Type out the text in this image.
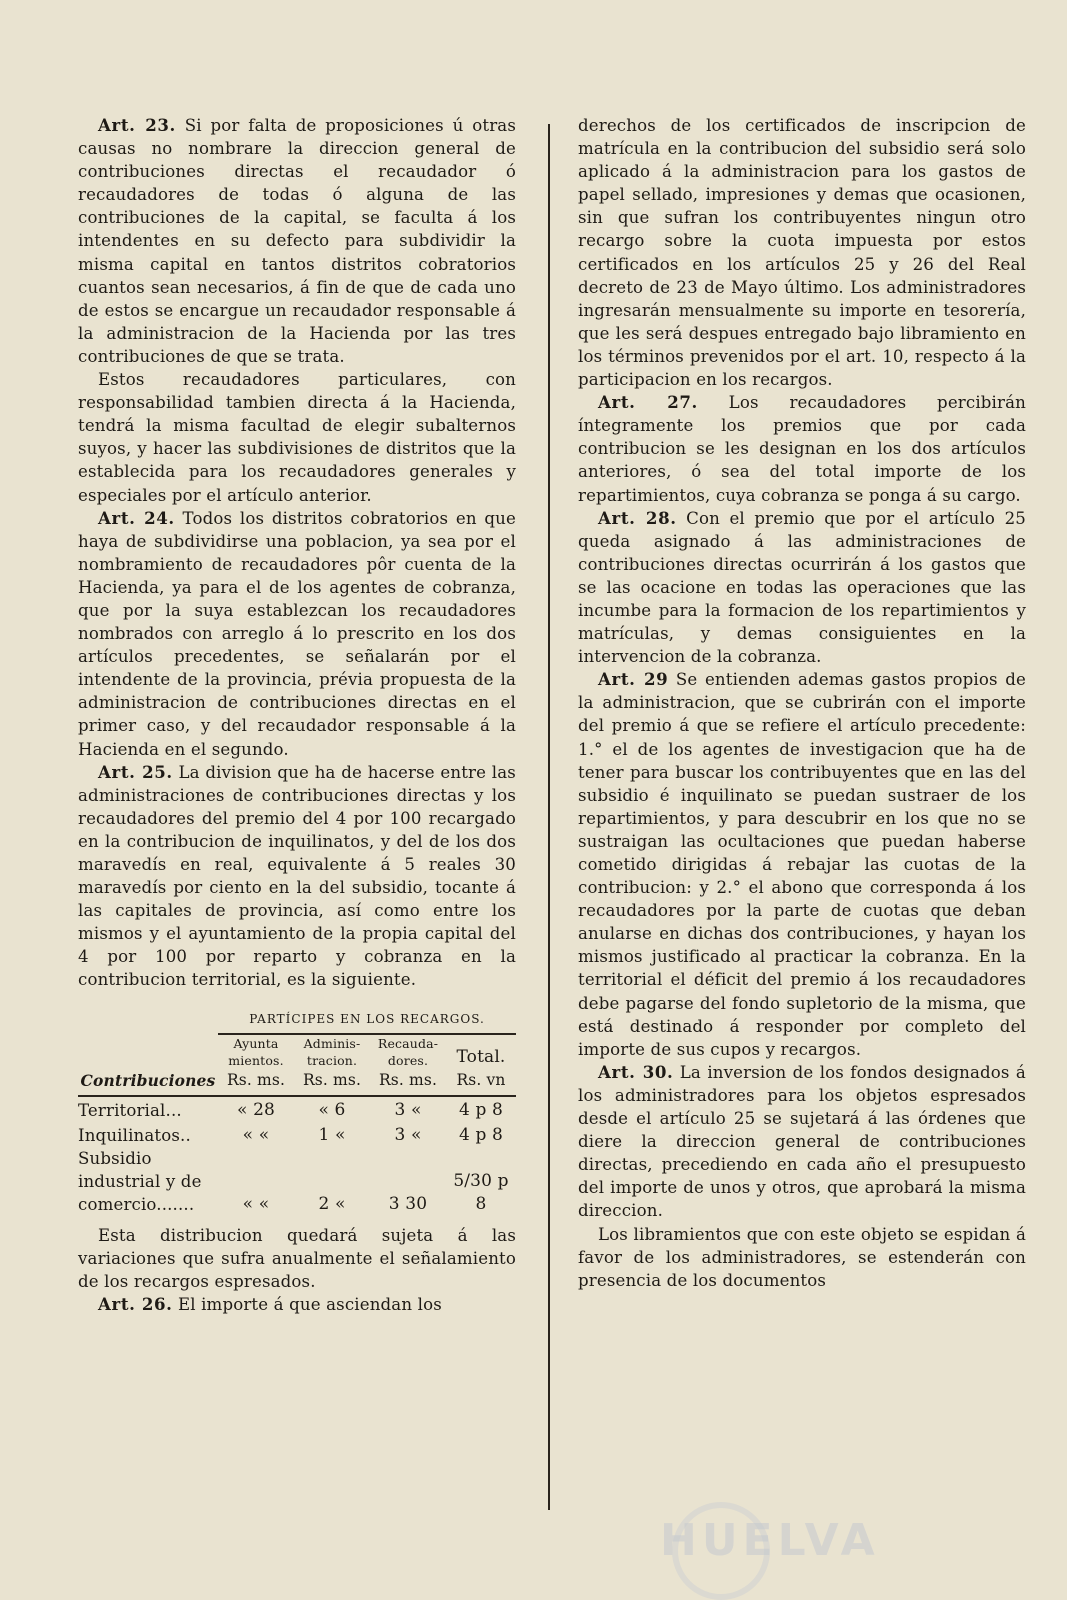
Art. 23. Si por falta de proposiciones ú otras causas no nombrare la direccion general de contribuciones directas el recaudador ó recaudadores de todas ó alguna de las contribuciones de la capital, se faculta á los intendentes en su defecto para subdividir la misma capital en tantos distritos cobratorios cuantos sean necesarios, á fin de que de cada uno de estos se encargue un recaudador responsable á la administracion de la Hacienda por las tres contribuciones de que se trata.

Estos recaudadores particulares, con responsabilidad tambien directa á la Hacienda, tendrá la misma facultad de elegir subalternos suyos, y hacer las subdivisiones de distritos que la establecida para los recaudadores generales y especiales por el artículo anterior.

Art. 24. Todos los distritos cobratorios en que haya de subdividirse una poblacion, ya sea por el nombramiento de recaudadores pôr cuenta de la Hacienda, ya para el de los agentes de cobranza, que por la suya establezcan los recaudadores nombrados con arreglo á lo prescrito en los dos artículos precedentes, se señalarán por el intendente de la provincia, prévia propuesta de la administracion de contribuciones directas en el primer caso, y del recaudador responsable á la Hacienda en el segundo.

Art. 25. La division que ha de hacerse entre las administraciones de contribuciones directas y los recaudadores del premio del 4 por 100 recargado en la contribucion de inquilinatos, y del de los dos maravedís en real, equivalente á 5 reales 30 maravedís por ciento en la del subsidio, tocante á las capitales de provincia, así como entre los mismos y el ayuntamiento de la propia capital del 4 por 100 por reparto y cobranza en la contribucion territorial, es la siguiente.

	PARTÍCIPES EN LOS RECARGOS.			
	Ayunta mientos.	Adminis- tracion.	Recauda- dores.	Total.
Contribuciones	Rs. ms.	Rs. ms.	Rs. ms.	Rs. vn
Territorial...	« 28	« 6	3 «	4 p 8
Inquilinatos..	« «	1 «	3 «	4 p 8
Subsidio industrial y de comercio.......	« «	2 «	3 30	5/30 p 8

Esta distribucion quedará sujeta á las variaciones que sufra anualmente el señalamiento de los recargos espresados.

Art. 26. El importe á que asciendan los

derechos de los certificados de inscripcion de matrícula en la contribucion del subsidio será solo aplicado á la administracion para los gastos de papel sellado, impresiones y demas que ocasionen, sin que sufran los contribuyentes ningun otro recargo sobre la cuota impuesta por estos certificados en los artículos 25 y 26 del Real decreto de 23 de Mayo último. Los administradores ingresarán mensualmente su importe en tesorería, que les será despues entregado bajo libramiento en los términos prevenidos por el art. 10, respecto á la participacion en los recargos.

Art. 27. Los recaudadores percibirán íntegramente los premios que por cada contribucion se les designan en los dos artículos anteriores, ó sea del total importe de los repartimientos, cuya cobranza se ponga á su cargo.

Art. 28. Con el premio que por el artículo 25 queda asignado á las administraciones de contribuciones directas ocurrirán á los gastos que se las ocacione en todas las operaciones que las incumbe para la formacion de los repartimientos y matrículas, y demas consiguientes en la intervencion de la cobranza.

Art. 29 Se entienden ademas gastos propios de la administracion, que se cubrirán con el importe del premio á que se refiere el artículo precedente: 1.° el de los agentes de investigacion que ha de tener para buscar los contribuyentes que en las del subsidio é inquilinato se puedan sustraer de los repartimientos, y para descubrir en los que no se sustraigan las ocultaciones que puedan haberse cometido dirigidas á rebajar las cuotas de la contribucion: y 2.° el abono que corresponda á los recaudadores por la parte de cuotas que deban anularse en dichas dos contribuciones, y hayan los mismos justificado al practicar la cobranza. En la territorial el déficit del premio á los recaudadores debe pagarse del fondo supletorio de la misma, que está destinado á responder por completo del importe de sus cupos y recargos.

Art. 30. La inversion de los fondos designados á los administradores para los objetos espresados desde el artículo 25 se sujetará á las órdenes que diere la direccion general de contribuciones directas, precediendo en cada año el presupuesto del importe de unos y otros, que aprobará la misma direccion.

Los libramientos que con este objeto se espidan á favor de los administradores, se estenderán con presencia de los documentos

HUELVA
